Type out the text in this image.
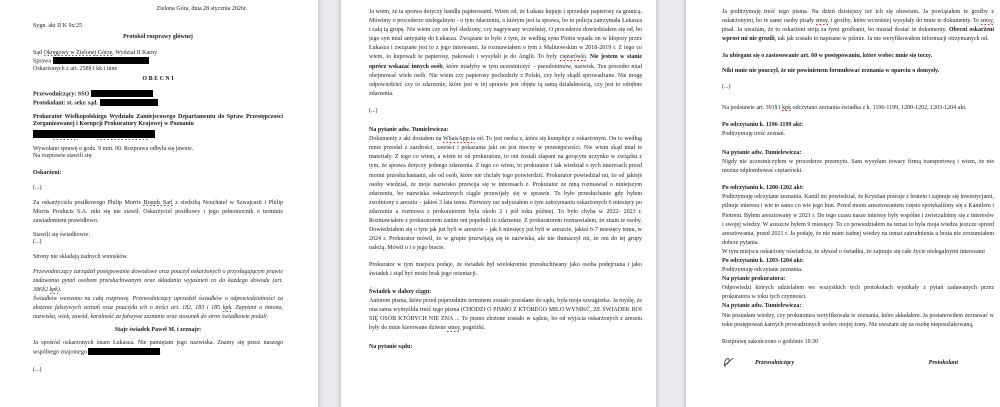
Zielona Góra, dnia 28 stycznia 2026r.

Sygn. akt II K 9x/25

Protokół rozprawy głównej

Sąd Okręgowy w Zielonej Górze, Wydział II Karny

Sprawa

Oskarżonych z art. 258§1 kk i inne

O B E C N I

Przewodniczący: SSO

Protokolant: st. sekr. sąd.

Prokurator Wielkopolskiego Wydziału Zamiejscowego Departamentu do Spraw Przestępczości Zorganizowanej i Korupcji Prokuratury Krajowej w Poznaniu

Wywołano sprawę o godz. 9 min. 00. Rozprawa odbyła się jawnie.

Na rozprawie stawili się:

Oskarżeni:

(...)

Za oskarżyciela posiłkowego Philip Morris Brands Sarl z siedzibą Neuchatel w Szwajcarii i Philip Morris Products S.A. nikt się nie stawił. Oskarżyciel posiłkowy i jego pełnomocnik o terminie zawiadomieni prawidłowo.

Stawili się świadkowie:

(...)

Strony nie składają żadnych wniosków.

Przewodniczący zarządził postępowanie dowodowe oraz pouczył oskarżonych o przysługującym prawie zadawania pytań osobom przesłuchiwanym oraz składania wyjaśnień co do każdego dowodu (art. 386§2 kpk).

Świadków wezwano na całą rozprawę. Przewodniczący uprzedził świadków o odpowiedzialności za złożenie fałszywych zeznań oraz pouczyła ich o treści art. 182, 183 i 185 kpk. Zapytani o imiona, nazwiska, wiek, zawód, karalność za fałszywe zeznanie oraz stosunek do stron świadkowie podali:

Staje świadek Paweł M. i zeznaje:

Ja spośród oskarżonych znam Łukasza. Nie pamiętam jego nazwiska. Znamy się przez naszego wspólnego znajomego	.

(...)

Ja wiem, że ta sprawa dotyczy handlu papierosami. Wiem od, że Łukasz kupuje i sprzedaje papierosy za granicą. Mówimy o procederze nielegalnym - o tym zdarzeniu, o którym jest ta sprawa, bo to policja zatrzymała Łukasza i całą tą grupę. Nie wiem czy on był śledzony, czy nagrywany wcześniej. O procederze dowiedziałem się od, bo jego syn miał antypatię do Łukasza. Związane to było z tym, że według syna Piotra wpada on w kłopoty przez Łukasza i związane jest to z jego interesami. Ja rozmawiałem o tym z Malinowskim w 2018-2019 r. Z tego co wiem, to kupowali te papierosy, pakowali i wysyłali je do Anglii. To były ciężarówki. Nie jestem w stanie oprócz wskazać innych osób, które miałyby w tym uczestniczyć – pseudonimów, nazwisk. Ten proceder miał obejmować wiele osób. Nie wiem czy papierosy pochodziły z Polski, czy były skądś sprowadzane. Nie mogę odpowiedzieć czy to zdarzenie, które jest w tej sprawie jest objęte tą samą działalnością, czy jest to odrębne zdarzenia.

(...)

Na pytanie adw. Tumielewicza:

Dokumenty z akt dostałem na WhatsApp-ia od. To jest osoba z, która się kumpluje z oskarżonym. On to według mnie przesłał z zazdrości, zawiści i pokazania jaki on jest mocny w przestępczości. Nie wiem skąd miał te materiały. Z tego co wiem, a wiem to od prokuratora, to oni zostali złapani na gorącym uczynku w związku z tym, że sprawa dotyczy jednego zdarzenia. Z tego co wiem, to prokurator i tak wiedział o tych interesach przed moimi przesłuchaniami, ale od osób, które nie chciały tego potwierdzić. Prokurator powiedział mi, że od jakiejś osoby wiedział, że moje nazwisko przewija się w interesach z. Prokurator ze mną rozmawiał o niniejszym zdarzeniu, bo nazwiska oskarżonych ciągle przewijały się w sprawie. To było przesłuchanie gdy byłem zwolniony z aresztu – jakieś 3 lata temu. Pierwszy raz usłyszałem o tym zatrzymaniu oskarżonych 6 miesięcy po zdarzeniu a rozmowa z prokuratorem była około 2 i pół roku później. To było chyba w 2022- 2023 r. Rozmawiałem z prokuratorem zanim oni popełnili to zdarzenie. Z prokuratorem rozmawiałem, że znam te osoby. Dowiedziałem się o tym jak już byli w areszcie – jak 6 miesięcy już byli w areszcie, jakieś 6-7 miesięcy temu, w 2024 r. Prokurator mówił, że w grupie przewijają się te nazwiska, ale nie tłumaczył mi, że oni do tej grupy należą. Mówił o i o jego bracie.

Prokurator w tym miejscu podaje, że świadek był wielokrotnie przesłuchiwany jako osoba podejrzana i jako świadek i stąd być może brak jego orientacji.

Świadek w dalszy ciągu:

Autorem pisma, które przed poprzednim terminem zostało przesłane do sądu, była moja szwagierka. Ja myślę, że ona sama wymyśliła treść tego pisma (CHODZI O PISMO Z KTÓREGO MILO WYNIKĆ, ZE ŚWIADEK BOI SIĘ OSÓB KTÓRYCH NIE ZNA ... To pismo złożone zostało w sądzie, bo od wyjścia oskarżonych z aresztu były do mnie kierowane dziwne smsy, pogróżki.

Na pytanie sądu:

Ja podtrzymuję treść tego pisma. Na dzień dzisiejszy też ich się obawiam. Ja powiązałem te groźby z oskarżonymi, bo te same osoby pisały smsy, i groźby, które wcześniej wysyłały do mnie te dokumenty. Te smsy, pisał. Ja uważam, że to oskarżeni stoją za tymi groźbami, bo musiał dostać te dokumenty. Obecni oskarżeni wprost mi nie grozili, tak jak zostało to napisane w piśmie. Ja nie weryfikowałem informacji otrzymanych od.

Ja ubiegam się o zastosowanie art. 60 w postępowaniu, które wobec mnie się toczy.

Nikt mnie nie pouczył, że nie powinienem formułować zeznania w oparciu o domysły.

(...)

Na podstawie art. 391§1 kpk odczytano zeznania świadka z k. 1196-1199, 1200-1202, 1203-1204 akt.

Po odczytaniu k. 1196-1199 akt:

Podtrzymuję treść zeznań.

Na pytanie adw. Tumielewicza:

Nigdy nie uczestniczyłem w procederze przemytu. Sam wysyłam towary firmą transportową i wiem, że nie można odplombować ciężarówki.

Po odczytaniu k. 1200-1202 akt:

Podtrzymuję odczytane zeznania. Kamil mi powiedział, że Krystian pracuje z bratem i zajmuje się inwestycjami, pilnuje interesu i wie to samo co wie jego brat. Przed moim aresztowaniem często spotykaliśmy się z Kamilem i Piotrem. Byłem aresztowany w 2021 r. Do tego czasu nasze interesy były wspólne i zwierzaliśmy się z interesów i swojej wiedzy. W areszcie byłem 9 miesięcy. To co powiedziałem na temat to była moja wiedza jeszcze sprzed aresztowania, przed 2021 r. Ja podaję, że nie mam żadnej wiedzy na temat zatrudnienia u brata nie zrozumiałem dobrze pytania.

W tym miejscu oskarżony oświadcza, że słyszał o świadku, że zajmuje się całe życie nielegalnymi interesami

Po odczytaniu k. 1203-1204 akt:

Podtrzymuję odczytane zeznania.

Na pytanie prokuratora:

Odpowiedzi których udzielałem we wszystkich tych protokołach wynikały z pytań zadawanych przez prokuratora w toku tych czynności.

Na pytanie adw. Tumielewicza:

Nie posiadam wiedzy, czy prokuratura weryfikowała te zeznania, które składałem. Ja postanowiłem zeznawać w toku postępowań karnych prowadzonych wobec mojej żony. Nie uważam się za osobę nieposzlakowaną,

Rozprawę zakończono o godzinie 10.30

Przewodniczący	Protokolant
